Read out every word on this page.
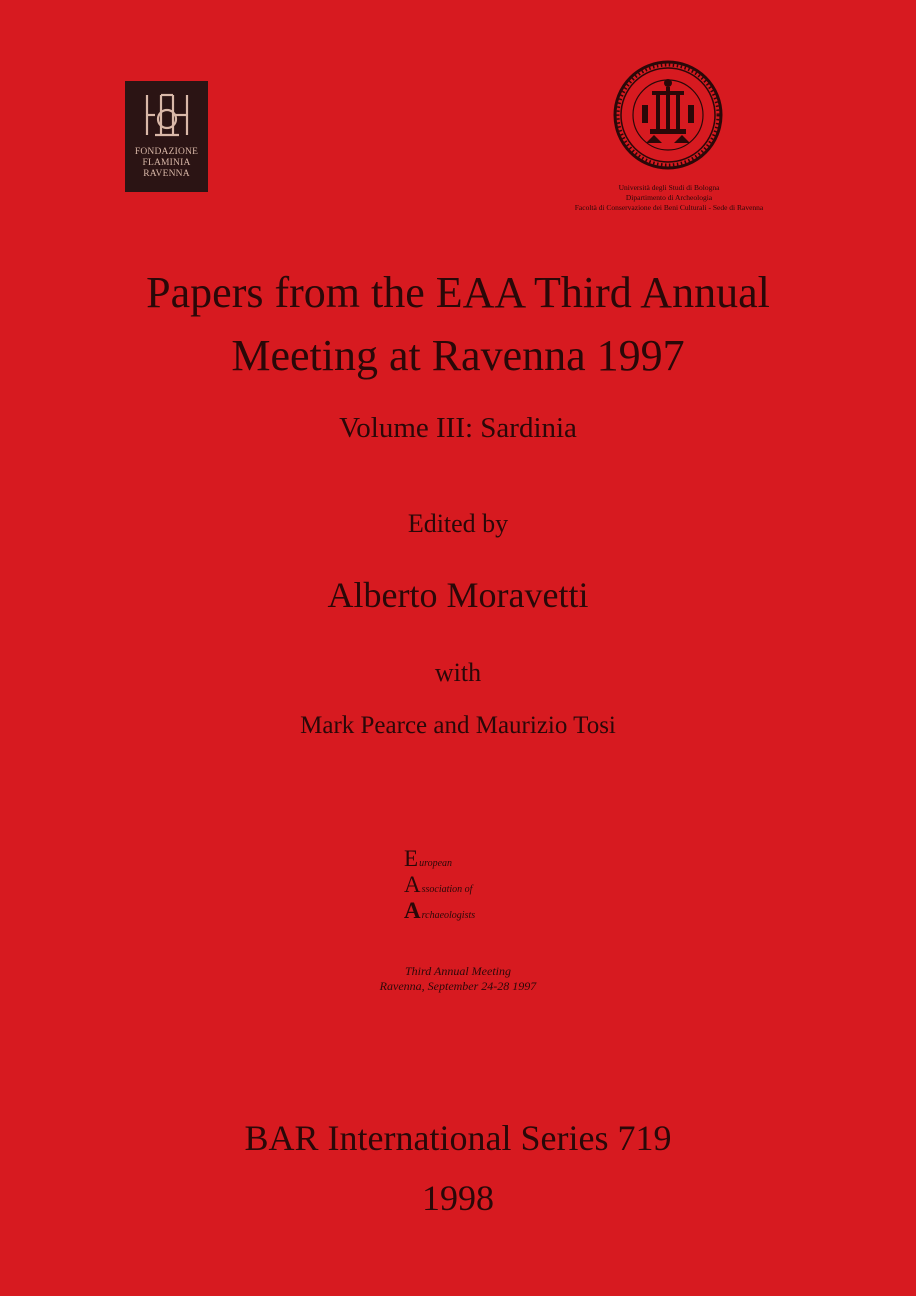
FONDAZIONE
FLAMINIA
RAVENNA
Università degli Studi di Bologna
Dipartimento di Archeologia
Facoltà di Conservazione dei Beni Culturali - Sede di Ravenna
Papers from the EAA Third Annual
Meeting at Ravenna 1997
Volume III: Sardinia
Edited by
Alberto Moravetti
with
Mark Pearce and Maurizio Tosi
European
Association of
Archaeologists
Third Annual Meeting
Ravenna, September 24-28 1997
BAR International Series 719
1998
